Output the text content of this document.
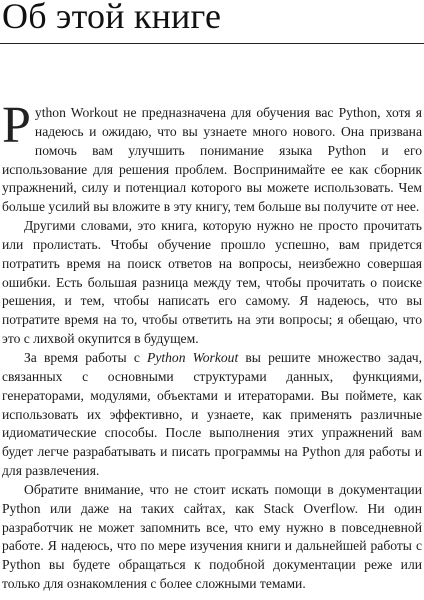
Об этой книге

Python Workout не предназначена для обучения вас Python, хотя я надеюсь и ожидаю, что вы узнаете много нового. Она призвана помочь вам улучшить понимание языка Python и его использование для решения проблем. Воспринимайте ее как сборник упражнений, силу и потенциал которого вы можете использовать. Чем больше усилий вы вложите в эту книгу, тем больше вы получите от нее.

Другими словами, это книга, которую нужно не просто прочитать или пролистать. Чтобы обучение прошло успешно, вам придется потратить время на поиск ответов на вопросы, неизбежно совершая ошибки. Есть большая разница между тем, чтобы прочитать о поиске решения, и тем, чтобы написать его самому. Я надеюсь, что вы потратите время на то, чтобы ответить на эти вопросы; я обещаю, что это с лихвой окупится в будущем.

За время работы с Python Workout вы решите множество задач, связанных с основными структурами данных, функциями, генераторами, модулями, объектами и итераторами. Вы поймете, как использовать их эффективно, и узнаете, как применять различные идиоматические способы. После выполнения этих упражнений вам будет легче разрабатывать и писать программы на Python для работы и для развлечения.

Обратите внимание, что не стоит искать помощи в документации Python или даже на таких сайтах, как Stack Overflow. Ни один разработчик не может запомнить все, что ему нужно в повседневной работе. Я надеюсь, что по мере изучения книги и дальнейшей работы с Python вы будете обращаться к подобной документации реже или только для ознакомления с более сложными темами.
